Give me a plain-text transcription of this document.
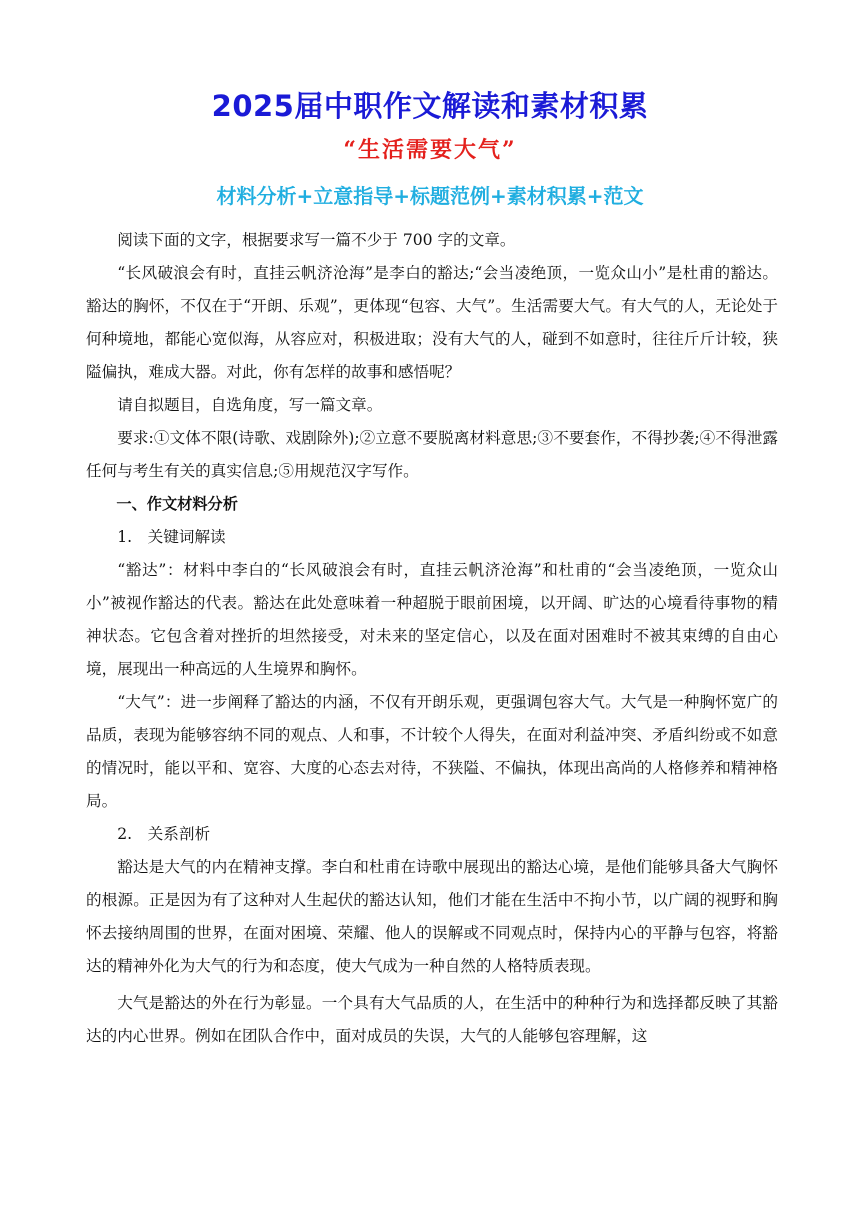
2025届中职作文解读和素材积累
“生活需要大气”
材料分析+立意指导+标题范例+素材积累+范文

阅读下面的文字，根据要求写一篇不少于 700 字的文章。

“长风破浪会有时，直挂云帆济沧海”是李白的豁达;“会当凌绝顶，一览众山小”是杜甫的豁达。豁达的胸怀，不仅在于“开朗、乐观”，更体现“包容、大气”。生活需要大气。有大气的人，无论处于何种境地，都能心宽似海，从容应对，积极进取；没有大气的人，碰到不如意时，往往斤斤计较，狭隘偏执，难成大器。对此，你有怎样的故事和感悟呢？

请自拟题目，自选角度，写一篇文章。

要求:①文体不限(诗歌、戏剧除外);②立意不要脱离材料意思;③不要套作，不得抄袭;④不得泄露任何与考生有关的真实信息;⑤用规范汉字写作。

一、作文材料分析

1.　关键词解读

“豁达”：材料中李白的“长风破浪会有时，直挂云帆济沧海”和杜甫的“会当凌绝顶，一览众山小”被视作豁达的代表。豁达在此处意味着一种超脱于眼前困境，以开阔、旷达的心境看待事物的精神状态。它包含着对挫折的坦然接受，对未来的坚定信心，以及在面对困难时不被其束缚的自由心境，展现出一种高远的人生境界和胸怀。

“大气”：进一步阐释了豁达的内涵，不仅有开朗乐观，更强调包容大气。大气是一种胸怀宽广的品质，表现为能够容纳不同的观点、人和事，不计较个人得失，在面对利益冲突、矛盾纠纷或不如意的情况时，能以平和、宽容、大度的心态去对待，不狭隘、不偏执，体现出高尚的人格修养和精神格局。

2.　关系剖析

豁达是大气的内在精神支撑。李白和杜甫在诗歌中展现出的豁达心境，是他们能够具备大气胸怀的根源。正是因为有了这种对人生起伏的豁达认知，他们才能在生活中不拘小节，以广阔的视野和胸怀去接纳周围的世界，在面对困境、荣耀、他人的误解或不同观点时，保持内心的平静与包容，将豁达的精神外化为大气的行为和态度，使大气成为一种自然的人格特质表现。

大气是豁达的外在行为彰显。一个具有大气品质的人，在生活中的种种行为和选择都反映了其豁达的内心世界。例如在团队合作中，面对成员的失误，大气的人能够包容理解，这
